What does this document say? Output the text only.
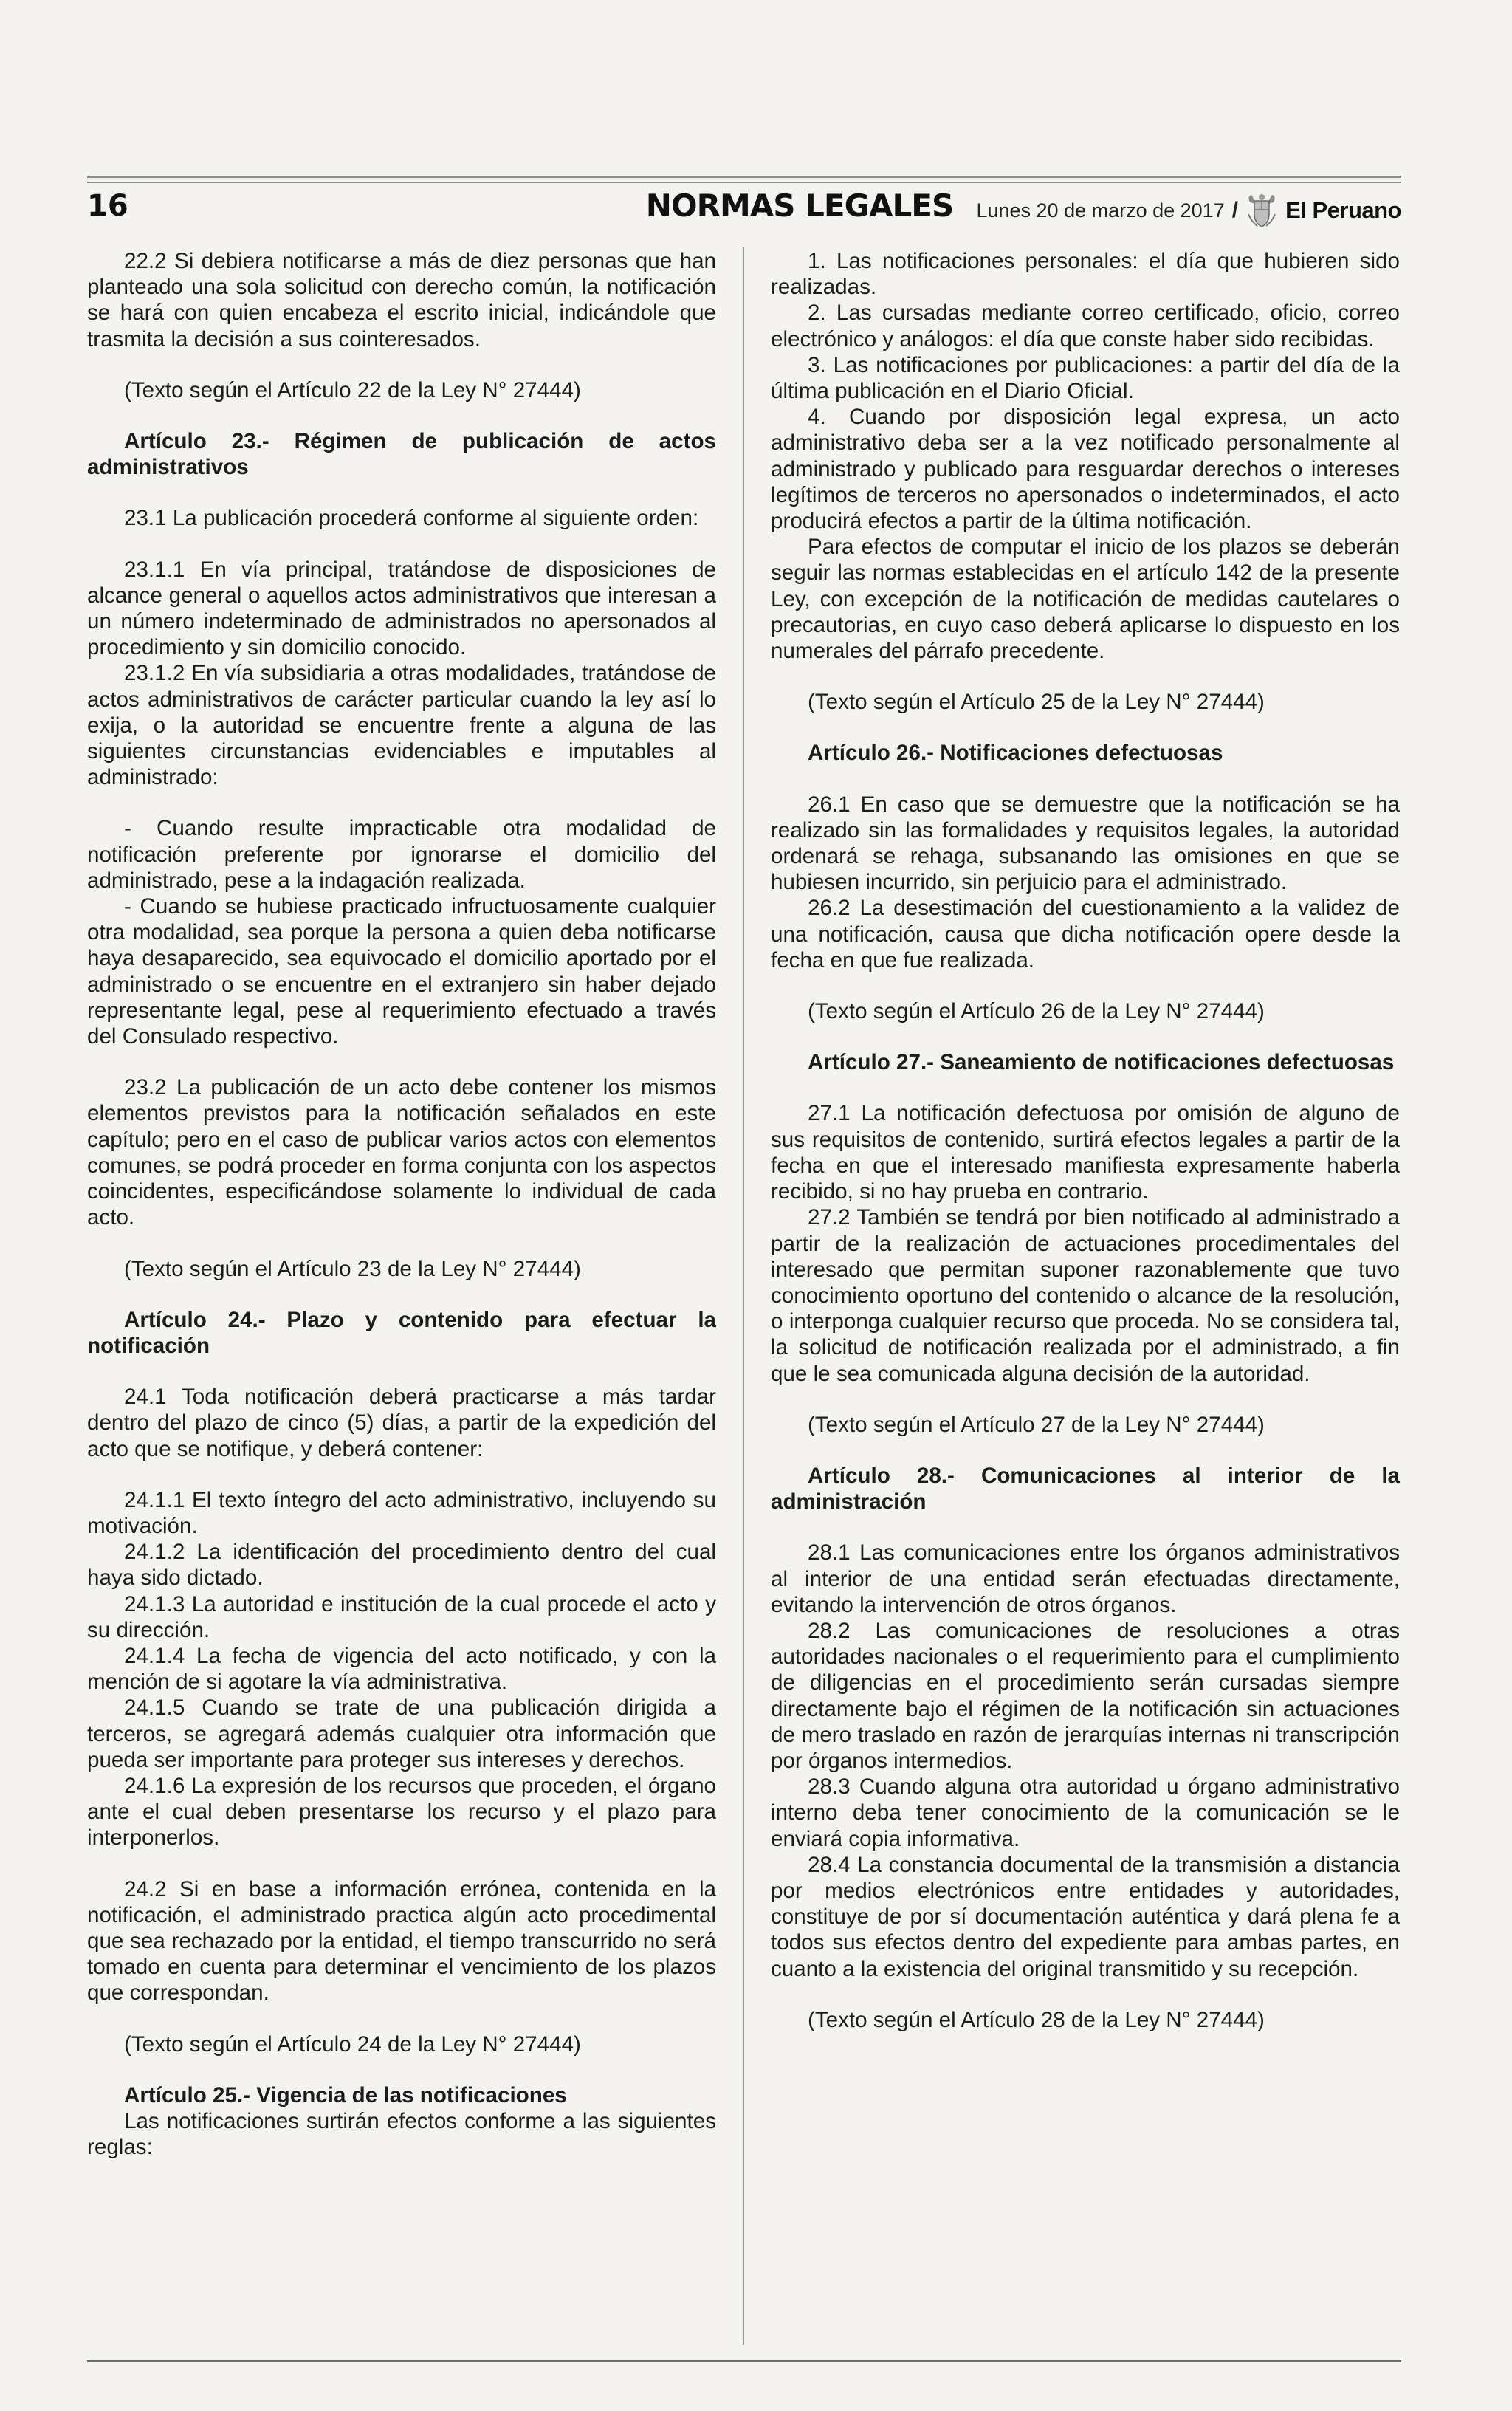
16	NORMAS LEGALES	Lunes 20 de marzo de 2017 / El Peruano

22.2 Si debiera notificarse a más de diez personas que han planteado una sola solicitud con derecho común, la notificación se hará con quien encabeza el escrito inicial, indicándole que trasmita la decisión a sus cointeresados.

(Texto según el Artículo 22 de la Ley N° 27444)

Artículo 23.- Régimen de publicación de actos administrativos

23.1 La publicación procederá conforme al siguiente orden:

23.1.1 En vía principal, tratándose de disposiciones de alcance general o aquellos actos administrativos que interesan a un número indeterminado de administrados no apersonados al procedimiento y sin domicilio conocido.

23.1.2 En vía subsidiaria a otras modalidades, tratándose de actos administrativos de carácter particular cuando la ley así lo exija, o la autoridad se encuentre frente a alguna de las siguientes circunstancias evidenciables e imputables al administrado:

- Cuando resulte impracticable otra modalidad de notificación preferente por ignorarse el domicilio del administrado, pese a la indagación realizada.

- Cuando se hubiese practicado infructuosamente cualquier otra modalidad, sea porque la persona a quien deba notificarse haya desaparecido, sea equivocado el domicilio aportado por el administrado o se encuentre en el extranjero sin haber dejado representante legal, pese al requerimiento efectuado a través del Consulado respectivo.

23.2 La publicación de un acto debe contener los mismos elementos previstos para la notificación señalados en este capítulo; pero en el caso de publicar varios actos con elementos comunes, se podrá proceder en forma conjunta con los aspectos coincidentes, especificándose solamente lo individual de cada acto.

(Texto según el Artículo 23 de la Ley N° 27444)

Artículo 24.- Plazo y contenido para efectuar la notificación

24.1 Toda notificación deberá practicarse a más tardar dentro del plazo de cinco (5) días, a partir de la expedición del acto que se notifique, y deberá contener:

24.1.1 El texto íntegro del acto administrativo, incluyendo su motivación.

24.1.2 La identificación del procedimiento dentro del cual haya sido dictado.

24.1.3 La autoridad e institución de la cual procede el acto y su dirección.

24.1.4 La fecha de vigencia del acto notificado, y con la mención de si agotare la vía administrativa.

24.1.5 Cuando se trate de una publicación dirigida a terceros, se agregará además cualquier otra información que pueda ser importante para proteger sus intereses y derechos.

24.1.6 La expresión de los recursos que proceden, el órgano ante el cual deben presentarse los recurso y el plazo para interponerlos.

24.2 Si en base a información errónea, contenida en la notificación, el administrado practica algún acto procedimental que sea rechazado por la entidad, el tiempo transcurrido no será tomado en cuenta para determinar el vencimiento de los plazos que correspondan.

(Texto según el Artículo 24 de la Ley N° 27444)

Artículo 25.- Vigencia de las notificaciones

Las notificaciones surtirán efectos conforme a las siguientes reglas:

1. Las notificaciones personales: el día que hubieren sido realizadas.

2. Las cursadas mediante correo certificado, oficio, correo electrónico y análogos: el día que conste haber sido recibidas.

3. Las notificaciones por publicaciones: a partir del día de la última publicación en el Diario Oficial.

4. Cuando por disposición legal expresa, un acto administrativo deba ser a la vez notificado personalmente al administrado y publicado para resguardar derechos o intereses legítimos de terceros no apersonados o indeterminados, el acto producirá efectos a partir de la última notificación.

Para efectos de computar el inicio de los plazos se deberán seguir las normas establecidas en el artículo 142 de la presente Ley, con excepción de la notificación de medidas cautelares o precautorias, en cuyo caso deberá aplicarse lo dispuesto en los numerales del párrafo precedente.

(Texto según el Artículo 25 de la Ley N° 27444)

Artículo 26.- Notificaciones defectuosas

26.1 En caso que se demuestre que la notificación se ha realizado sin las formalidades y requisitos legales, la autoridad ordenará se rehaga, subsanando las omisiones en que se hubiesen incurrido, sin perjuicio para el administrado.

26.2 La desestimación del cuestionamiento a la validez de una notificación, causa que dicha notificación opere desde la fecha en que fue realizada.

(Texto según el Artículo 26 de la Ley N° 27444)

Artículo 27.- Saneamiento de notificaciones defectuosas

27.1 La notificación defectuosa por omisión de alguno de sus requisitos de contenido, surtirá efectos legales a partir de la fecha en que el interesado manifiesta expresamente haberla recibido, si no hay prueba en contrario.

27.2 También se tendrá por bien notificado al administrado a partir de la realización de actuaciones procedimentales del interesado que permitan suponer razonablemente que tuvo conocimiento oportuno del contenido o alcance de la resolución, o interponga cualquier recurso que proceda. No se considera tal, la solicitud de notificación realizada por el administrado, a fin que le sea comunicada alguna decisión de la autoridad.

(Texto según el Artículo 27 de la Ley N° 27444)

Artículo 28.- Comunicaciones al interior de la administración

28.1 Las comunicaciones entre los órganos administrativos al interior de una entidad serán efectuadas directamente, evitando la intervención de otros órganos.

28.2 Las comunicaciones de resoluciones a otras autoridades nacionales o el requerimiento para el cumplimiento de diligencias en el procedimiento serán cursadas siempre directamente bajo el régimen de la notificación sin actuaciones de mero traslado en razón de jerarquías internas ni transcripción por órganos intermedios.

28.3 Cuando alguna otra autoridad u órgano administrativo interno deba tener conocimiento de la comunicación se le enviará copia informativa.

28.4 La constancia documental de la transmisión a distancia por medios electrónicos entre entidades y autoridades, constituye de por sí documentación auténtica y dará plena fe a todos sus efectos dentro del expediente para ambas partes, en cuanto a la existencia del original transmitido y su recepción.

(Texto según el Artículo 28 de la Ley N° 27444)
